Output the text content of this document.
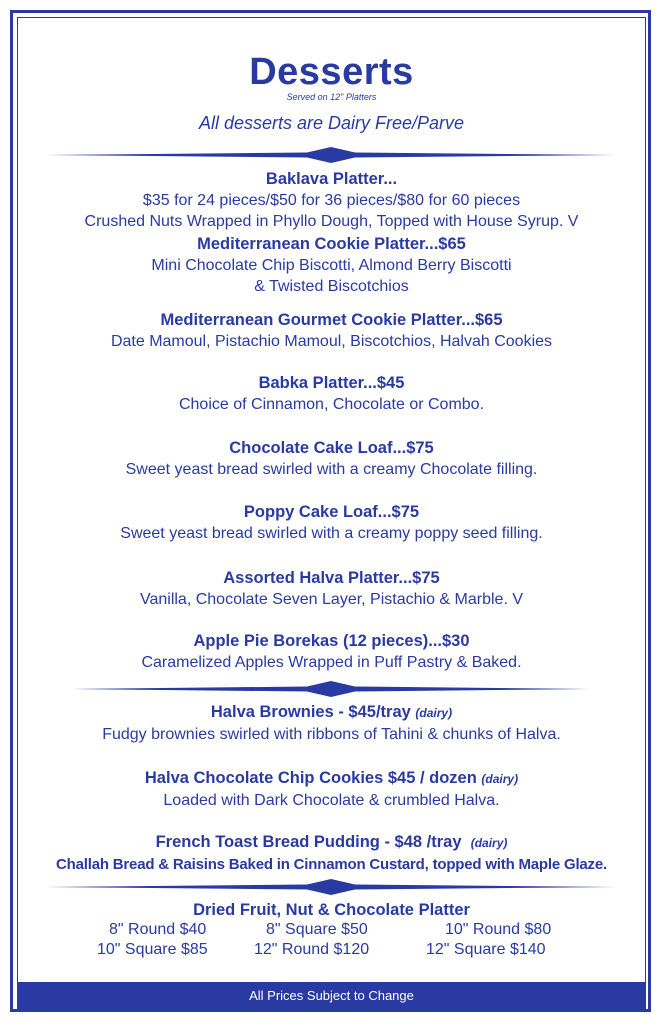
Desserts
Served on 12" Platters
All desserts are Dairy Free/Parve
Baklava Platter...
$35 for 24 pieces/$50 for 36 pieces/$80 for 60 pieces
Crushed Nuts Wrapped in Phyllo Dough, Topped with House Syrup. V
Mediterranean Cookie Platter...$65
Mini Chocolate Chip Biscotti, Almond Berry Biscotti
& Twisted Biscotchios
Mediterranean Gourmet Cookie Platter...$65
Date Mamoul, Pistachio Mamoul, Biscotchios, Halvah Cookies
Babka Platter...$45
Choice of Cinnamon, Chocolate or Combo.
Chocolate Cake Loaf...$75
Sweet yeast bread swirled with a creamy Chocolate filling.
Poppy Cake Loaf...$75
Sweet yeast bread swirled with a creamy poppy seed filling.
Assorted Halva Platter...$75
Vanilla, Chocolate Seven Layer, Pistachio & Marble. V
Apple Pie Borekas (12 pieces)...$30
Caramelized Apples Wrapped in Puff Pastry & Baked.
Halva Brownies - $45/tray (dairy)
Fudgy brownies swirled with ribbons of Tahini & chunks of Halva.
Halva Chocolate Chip Cookies $45 / dozen (dairy)
Loaded with Dark Chocolate & crumbled Halva.
French Toast Bread Pudding - $48 /tray (dairy)
Challah Bread & Raisins Baked in Cinnamon Custard, topped with Maple Glaze.
Dried Fruit, Nut & Chocolate Platter
8" Round $40	8" Square $50	10" Round $80
10" Square $85	12" Round $120	12" Square $140
All Prices Subject to Change
